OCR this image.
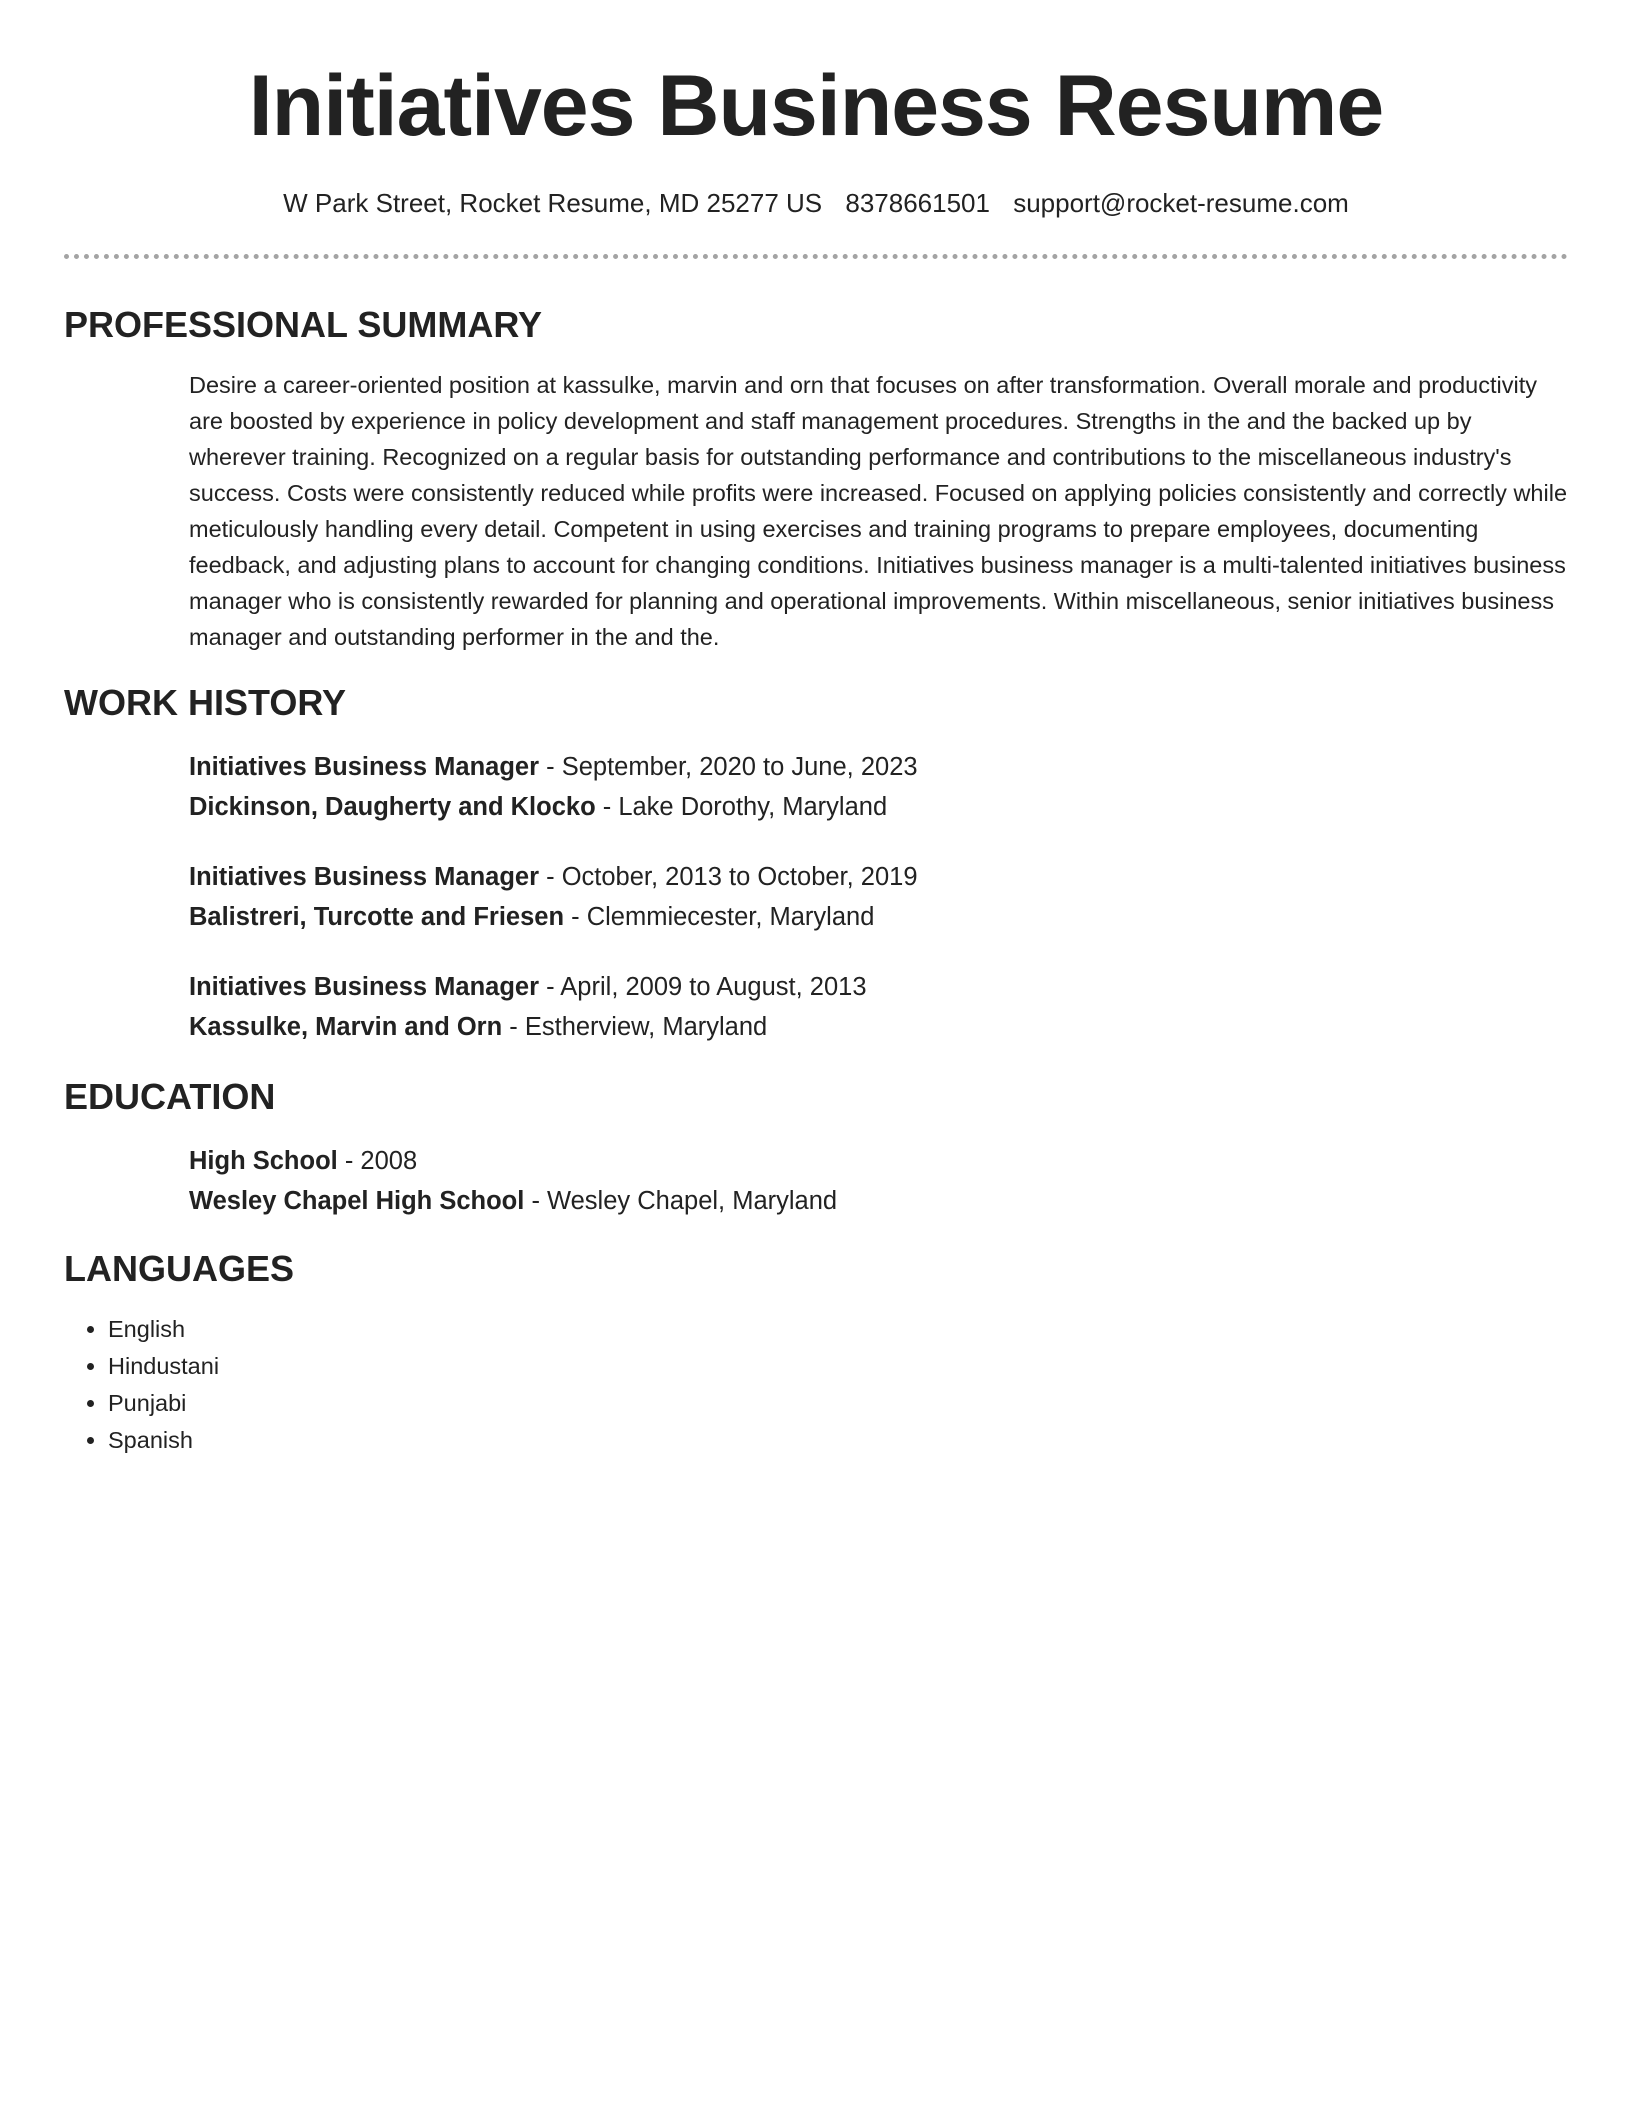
Initiatives Business Resume
W Park Street, Rocket Resume, MD 25277 US 8378661501 support@rocket-resume.com
PROFESSIONAL SUMMARY
Desire a career-oriented position at kassulke, marvin and orn that focuses on after transformation. Overall morale and productivity are boosted by experience in policy development and staff management procedures. Strengths in the and the backed up by wherever training. Recognized on a regular basis for outstanding performance and contributions to the miscellaneous industry's success. Costs were consistently reduced while profits were increased. Focused on applying policies consistently and correctly while meticulously handling every detail. Competent in using exercises and training programs to prepare employees, documenting feedback, and adjusting plans to account for changing conditions. Initiatives business manager is a multi-talented initiatives business manager who is consistently rewarded for planning and operational improvements. Within miscellaneous, senior initiatives business manager and outstanding performer in the and the.
WORK HISTORY
Initiatives Business Manager - September, 2020 to June, 2023
Dickinson, Daugherty and Klocko - Lake Dorothy, Maryland
Initiatives Business Manager - October, 2013 to October, 2019
Balistreri, Turcotte and Friesen - Clemmiecester, Maryland
Initiatives Business Manager - April, 2009 to August, 2013
Kassulke, Marvin and Orn - Estherview, Maryland
EDUCATION
High School - 2008
Wesley Chapel High School - Wesley Chapel, Maryland
LANGUAGES
• English
• Hindustani
• Punjabi
• Spanish
